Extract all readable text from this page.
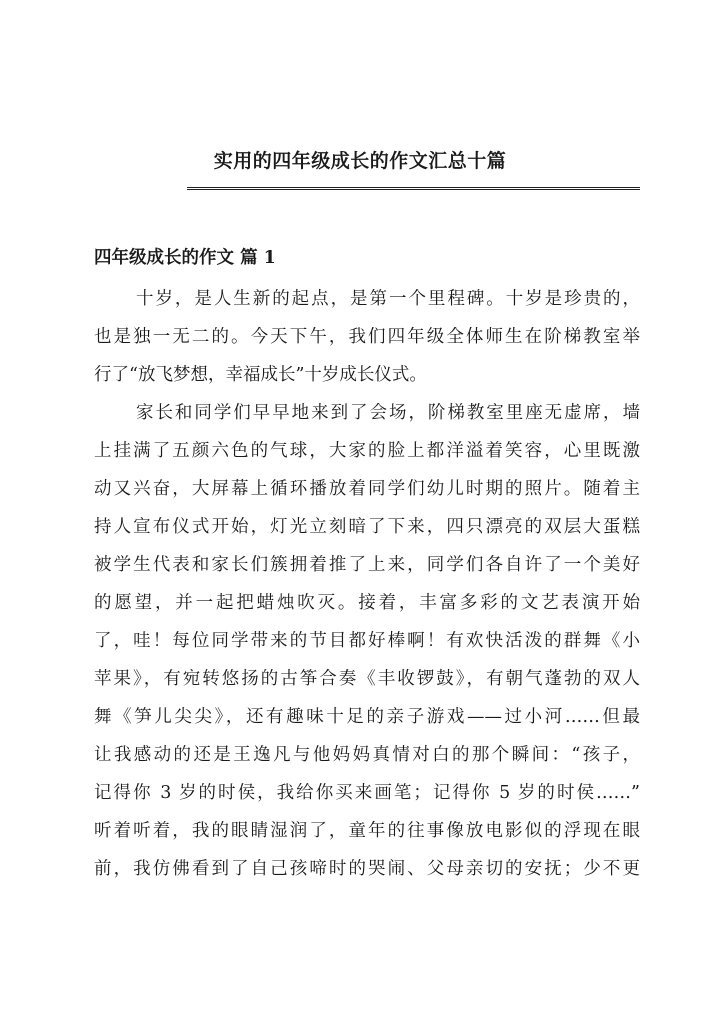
实用的四年级成长的作文汇总十篇
四年级成长的作文 篇 1
十岁，是人生新的起点，是第一个里程碑。十岁是珍贵的，
也是独一无二的。今天下午，我们四年级全体师生在阶梯教室举
行了“放飞梦想，幸福成长”十岁成长仪式。
家长和同学们早早地来到了会场，阶梯教室里座无虚席，墙
上挂满了五颜六色的气球，大家的脸上都洋溢着笑容，心里既激
动又兴奋，大屏幕上循环播放着同学们幼儿时期的照片。随着主
持人宣布仪式开始，灯光立刻暗了下来，四只漂亮的双层大蛋糕
被学生代表和家长们簇拥着推了上来，同学们各自许了一个美好
的愿望，并一起把蜡烛吹灭。接着，丰富多彩的文艺表演开始
了，哇！每位同学带来的节目都好棒啊！有欢快活泼的群舞《小
苹果》，有宛转悠扬的古筝合奏《丰收锣鼓》，有朝气蓬勃的双人
舞《笋儿尖尖》，还有趣味十足的亲子游戏——过小河……但最
让我感动的还是王逸凡与他妈妈真情对白的那个瞬间：“孩子，
记得你 3 岁的时侯，我给你买来画笔；记得你 5 岁的时侯……”
听着听着，我的眼睛湿润了，童年的往事像放电影似的浮现在眼
前，我仿佛看到了自己孩啼时的哭闹、父母亲切的安抚；少不更
